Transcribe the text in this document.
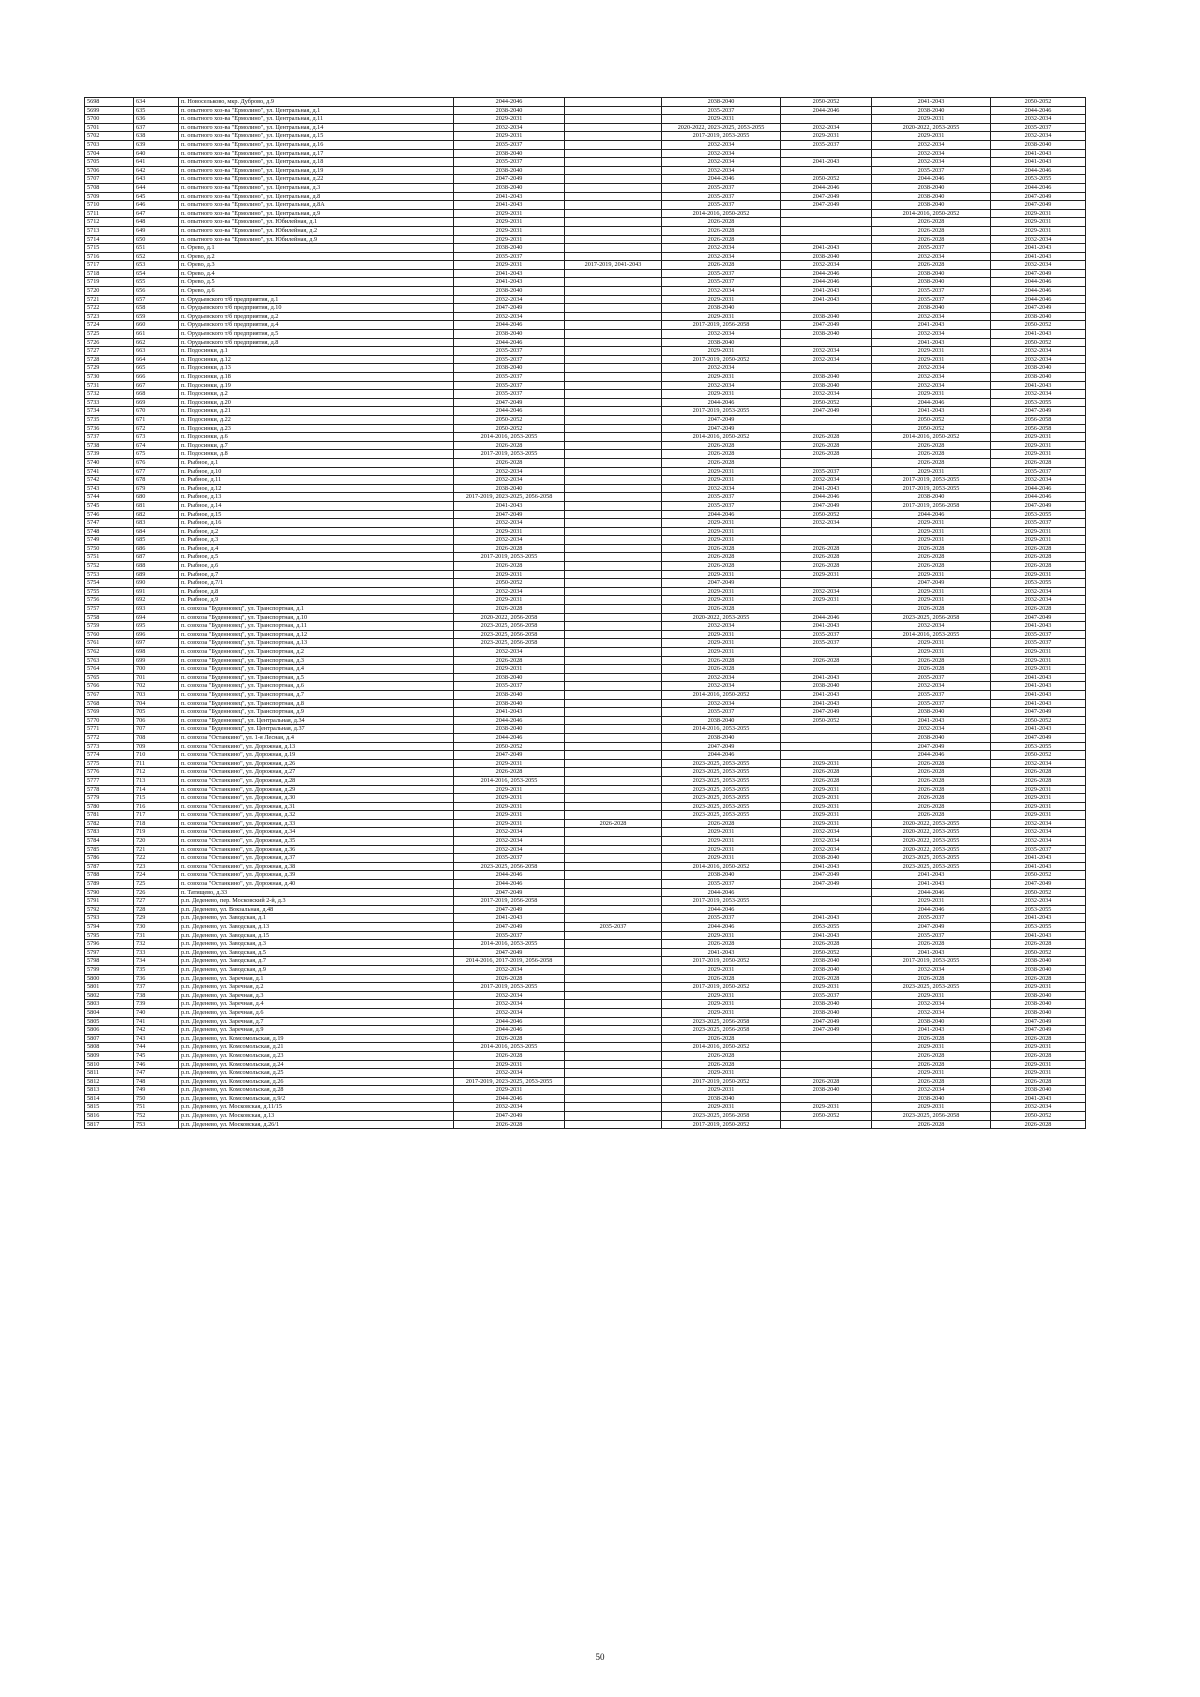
5698	634	п. Новосельково, мкр. Дуброво, д.9	2044-2046		2038-2040	2050-2052	2041-2043	2050-2052
5699	635	п. опытного хоз-ва "Ермолино", ул. Центральная, д.1	2038-2040		2035-2037	2044-2046	2038-2040	2044-2046
5700	636	п. опытного хоз-ва "Ермолино", ул. Центральная, д.11	2029-2031		2029-2031		2029-2031	2032-2034
5701	637	п. опытного хоз-ва "Ермолино", ул. Центральная, д.14	2032-2034		2020-2022, 2023-2025, 2053-2055	2032-2034	2020-2022, 2053-2055	2035-2037
5702	638	п. опытного хоз-ва "Ермолино", ул. Центральная, д.15	2029-2031		2017-2019, 2053-2055	2029-2031	2029-2031	2032-2034
5703	639	п. опытного хоз-ва "Ермолино", ул. Центральная, д.16	2035-2037		2032-2034	2035-2037	2032-2034	2038-2040
5704	640	п. опытного хоз-ва "Ермолино", ул. Центральная, д.17	2038-2040		2032-2034		2032-2034	2041-2043
5705	641	п. опытного хоз-ва "Ермолино", ул. Центральная, д.18	2035-2037		2032-2034	2041-2043	2032-2034	2041-2043
5706	642	п. опытного хоз-ва "Ермолино", ул. Центральная, д.19	2038-2040		2032-2034		2035-2037	2044-2046
5707	643	п. опытного хоз-ва "Ермолино", ул. Центральная, д.22	2047-2049		2044-2046	2050-2052	2044-2046	2053-2055
5708	644	п. опытного хоз-ва "Ермолино", ул. Центральная, д.3	2038-2040		2035-2037	2044-2046	2038-2040	2044-2046
5709	645	п. опытного хоз-ва "Ермолино", ул. Центральная, д.8	2041-2043		2035-2037	2047-2049	2038-2040	2047-2049
5710	646	п. опытного хоз-ва "Ермолино", ул. Центральная, д.8А	2041-2043		2035-2037	2047-2049	2038-2040	2047-2049
5711	647	п. опытного хоз-ва "Ермолино", ул. Центральная, д.9	2029-2031		2014-2016, 2050-2052		2014-2016, 2050-2052	2029-2031
5712	648	п. опытного хоз-ва "Ермолино", ул. Юбилейная, д.1	2029-2031		2026-2028		2026-2028	2029-2031
5713	649	п. опытного хоз-ва "Ермолино", ул. Юбилейная, д.2	2029-2031		2026-2028		2026-2028	2029-2031
5714	650	п. опытного хоз-ва "Ермолино", ул. Юбилейная, д.9	2029-2031		2026-2028		2026-2028	2032-2034
5715	651	п. Орево, д.1	2038-2040		2032-2034	2041-2043	2035-2037	2041-2043
5716	652	п. Орево, д.2	2035-2037		2032-2034	2038-2040	2032-2034	2041-2043
5717	653	п. Орево, д.3	2029-2031	2017-2019, 2041-2043	2026-2028	2032-2034	2026-2028	2032-2034
5718	654	п. Орево, д.4	2041-2043		2035-2037	2044-2046	2038-2040	2047-2049
5719	655	п. Орево, д.5	2041-2043		2035-2037	2044-2046	2038-2040	2044-2046
5720	656	п. Орево, д.6	2038-2040		2032-2034	2041-2043	2035-2037	2044-2046
5721	657	п. Орудьевского т/б предприятия, д.1	2032-2034		2029-2031	2041-2043	2035-2037	2044-2046
5722	658	п. Орудьевского т/б предприятия, д.10	2047-2049		2038-2040		2038-2040	2047-2049
5723	659	п. Орудьевского т/б предприятия, д.2	2032-2034		2029-2031	2038-2040	2032-2034	2038-2040
5724	660	п. Орудьевского т/б предприятия, д.4	2044-2046		2017-2019, 2056-2058	2047-2049	2041-2043	2050-2052
5725	661	п. Орудьевского т/б предприятия, д.5	2038-2040		2032-2034	2038-2040	2032-2034	2041-2043
5726	662	п. Орудьевского т/б предприятия, д.8	2044-2046		2038-2040		2041-2043	2050-2052
5727	663	п. Подосинки, д.1	2035-2037		2029-2031	2032-2034	2029-2031	2032-2034
5728	664	п. Подосинки, д.12	2035-2037		2017-2019, 2050-2052	2032-2034	2029-2031	2032-2034
5729	665	п. Подосинки, д.13	2038-2040		2032-2034		2032-2034	2038-2040
5730	666	п. Подосинки, д.18	2035-2037		2029-2031	2038-2040	2032-2034	2038-2040
5731	667	п. Подосинки, д.19	2035-2037		2032-2034	2038-2040	2032-2034	2041-2043
5732	668	п. Подосинки, д.2	2035-2037		2029-2031	2032-2034	2029-2031	2032-2034
5733	669	п. Подосинки, д.20	2047-2049		2044-2046	2050-2052	2044-2046	2053-2055
5734	670	п. Подосинки, д.21	2044-2046		2017-2019, 2053-2055	2047-2049	2041-2043	2047-2049
5735	671	п. Подосинки, д.22	2050-2052		2047-2049		2050-2052	2056-2058
5736	672	п. Подосинки, д.23	2050-2052		2047-2049		2050-2052	2056-2058
5737	673	п. Подосинки, д.6	2014-2016, 2053-2055		2014-2016, 2050-2052	2026-2028	2014-2016, 2050-2052	2029-2031
5738	674	п. Подосинки, д.7	2026-2028		2026-2028	2026-2028	2026-2028	2029-2031
5739	675	п. Подосинки, д.8	2017-2019, 2053-2055		2026-2028	2026-2028	2026-2028	2029-2031
5740	676	п. Рыбное, д.1	2026-2028		2026-2028		2026-2028	2026-2028
5741	677	п. Рыбное, д.10	2032-2034		2029-2031	2035-2037	2029-2031	2035-2037
5742	678	п. Рыбное, д.11	2032-2034		2029-2031	2032-2034	2017-2019, 2053-2055	2032-2034
5743	679	п. Рыбное, д.12	2038-2040		2032-2034	2041-2043	2017-2019, 2053-2055	2044-2046
5744	680	п. Рыбное, д.13	2017-2019, 2023-2025, 2056-2058		2035-2037	2044-2046	2038-2040	2044-2046
5745	681	п. Рыбное, д.14	2041-2043		2035-2037	2047-2049	2017-2019, 2056-2058	2047-2049
5746	682	п. Рыбное, д.15	2047-2049		2044-2046	2050-2052	2044-2046	2053-2055
5747	683	п. Рыбное, д.16	2032-2034		2029-2031	2032-2034	2029-2031	2035-2037
5748	684	п. Рыбное, д.2	2029-2031		2029-2031		2029-2031	2029-2031
5749	685	п. Рыбное, д.3	2032-2034		2029-2031		2029-2031	2029-2031
5750	686	п. Рыбное, д.4	2026-2028		2026-2028	2026-2028	2026-2028	2026-2028
5751	687	п. Рыбное, д.5	2017-2019, 2053-2055		2026-2028	2026-2028	2026-2028	2026-2028
5752	688	п. Рыбное, д.6	2026-2028		2026-2028	2026-2028	2026-2028	2026-2028
5753	689	п. Рыбное, д.7	2029-2031		2029-2031	2029-2031	2029-2031	2029-2031
5754	690	п. Рыбное, д.7/1	2050-2052		2047-2049		2047-2049	2053-2055
5755	691	п. Рыбное, д.8	2032-2034		2029-2031	2032-2034	2029-2031	2032-2034
5756	692	п. Рыбное, д.9	2029-2031		2029-2031	2029-2031	2029-2031	2032-2034
5757	693	п. совхоза "Буденновец", ул. Транспортная, д.1	2026-2028		2026-2028		2026-2028	2026-2028
5758	694	п. совхоза "Буденновец", ул. Транспортная, д.10	2020-2022, 2056-2058		2020-2022, 2053-2055	2044-2046	2023-2025, 2056-2058	2047-2049
5759	695	п. совхоза "Буденновец", ул. Транспортная, д.11	2023-2025, 2056-2058		2032-2034	2041-2043	2032-2034	2041-2043
5760	696	п. совхоза "Буденновец", ул. Транспортная, д.12	2023-2025, 2056-2058		2029-2031	2035-2037	2014-2016, 2053-2055	2035-2037
5761	697	п. совхоза "Буденновец", ул. Транспортная, д.13	2023-2025, 2056-2058		2029-2031	2035-2037	2029-2031	2035-2037
5762	698	п. совхоза "Буденновец", ул. Транспортная, д.2	2032-2034		2029-2031		2029-2031	2029-2031
5763	699	п. совхоза "Буденновец", ул. Транспортная, д.3	2026-2028		2026-2028	2026-2028	2026-2028	2029-2031
5764	700	п. совхоза "Буденновец", ул. Транспортная, д.4	2029-2031		2026-2028		2026-2028	2029-2031
5765	701	п. совхоза "Буденновец", ул. Транспортная, д.5	2038-2040		2032-2034	2041-2043	2035-2037	2041-2043
5766	702	п. совхоза "Буденновец", ул. Транспортная, д.6	2035-2037		2032-2034	2038-2040	2032-2034	2041-2043
5767	703	п. совхоза "Буденновец", ул. Транспортная, д.7	2038-2040		2014-2016, 2050-2052	2041-2043	2035-2037	2041-2043
5768	704	п. совхоза "Буденновец", ул. Транспортная, д.8	2038-2040		2032-2034	2041-2043	2035-2037	2041-2043
5769	705	п. совхоза "Буденновец", ул. Транспортная, д.9	2041-2043		2035-2037	2047-2049	2038-2040	2047-2049
5770	706	п. совхоза "Буденновец", ул. Центральная, д.34	2044-2046		2038-2040	2050-2052	2041-2043	2050-2052
5771	707	п. совхоза "Буденновец", ул. Центральная, д.37	2038-2040		2014-2016, 2053-2055		2032-2034	2041-2043
5772	708	п. совхоза "Останкино", ул. 1-я Лесная, д.4	2044-2046		2038-2040		2038-2040	2047-2049
5773	709	п. совхоза "Останкино", ул. Дорожная, д.13	2050-2052		2047-2049		2047-2049	2053-2055
5774	710	п. совхоза "Останкино", ул. Дорожная, д.19	2047-2049		2044-2046		2044-2046	2050-2052
5775	711	п. совхоза "Останкино", ул. Дорожная, д.26	2029-2031		2023-2025, 2053-2055	2029-2031	2026-2028	2032-2034
5776	712	п. совхоза "Останкино", ул. Дорожная, д.27	2026-2028		2023-2025, 2053-2055	2026-2028	2026-2028	2026-2028
5777	713	п. совхоза "Останкино", ул. Дорожная, д.28	2014-2016, 2053-2055		2023-2025, 2053-2055	2026-2028	2026-2028	2026-2028
5778	714	п. совхоза "Останкино", ул. Дорожная, д.29	2029-2031		2023-2025, 2053-2055	2029-2031	2026-2028	2029-2031
5779	715	п. совхоза "Останкино", ул. Дорожная, д.30	2029-2031		2023-2025, 2053-2055	2029-2031	2026-2028	2029-2031
5780	716	п. совхоза "Останкино", ул. Дорожная, д.31	2029-2031		2023-2025, 2053-2055	2029-2031	2026-2028	2029-2031
5781	717	п. совхоза "Останкино", ул. Дорожная, д.32	2029-2031		2023-2025, 2053-2055	2029-2031	2026-2028	2029-2031
5782	718	п. совхоза "Останкино", ул. Дорожная, д.33	2029-2031	2026-2028	2026-2028	2029-2031	2020-2022, 2053-2055	2032-2034
5783	719	п. совхоза "Останкино", ул. Дорожная, д.34	2032-2034		2029-2031	2032-2034	2020-2022, 2053-2055	2032-2034
5784	720	п. совхоза "Останкино", ул. Дорожная, д.35	2032-2034		2029-2031	2032-2034	2020-2022, 2053-2055	2032-2034
5785	721	п. совхоза "Останкино", ул. Дорожная, д.36	2032-2034		2029-2031	2032-2034	2020-2022, 2053-2055	2035-2037
5786	722	п. совхоза "Останкино", ул. Дорожная, д.37	2035-2037		2029-2031	2038-2040	2023-2025, 2053-2055	2041-2043
5787	723	п. совхоза "Останкино", ул. Дорожная, д.38	2023-2025, 2056-2058		2014-2016, 2050-2052	2041-2043	2023-2025, 2053-2055	2041-2043
5788	724	п. совхоза "Останкино", ул. Дорожная, д.39	2044-2046		2038-2040	2047-2049	2041-2043	2050-2052
5789	725	п. совхоза "Останкино", ул. Дорожная, д.40	2044-2046		2035-2037	2047-2049	2041-2043	2047-2049
5790	726	п. Татищево, д.33	2047-2049		2044-2046		2044-2046	2050-2052
5791	727	р.п. Деденево, пер. Московский 2-й, д.3	2017-2019, 2056-2058		2017-2019, 2053-2055		2029-2031	2032-2034
5792	728	р.п. Деденево, ул. Вокзальная, д.48	2047-2049		2044-2046		2044-2046	2053-2055
5793	729	р.п. Деденево, ул. Заводская, д.1	2041-2043		2035-2037	2041-2043	2035-2037	2041-2043
5794	730	р.п. Деденево, ул. Заводская, д.13	2047-2049	2035-2037	2044-2046	2053-2055	2047-2049	2053-2055
5795	731	р.п. Деденево, ул. Заводская, д.15	2035-2037		2029-2031	2041-2043	2035-2037	2041-2043
5796	732	р.п. Деденево, ул. Заводская, д.3	2014-2016, 2053-2055		2026-2028	2026-2028	2026-2028	2026-2028
5797	733	р.п. Деденево, ул. Заводская, д.5	2047-2049		2041-2043	2050-2052	2041-2043	2050-2052
5798	734	р.п. Деденево, ул. Заводская, д.7	2014-2016, 2017-2019, 2056-2058		2017-2019, 2050-2052	2038-2040	2017-2019, 2053-2055	2038-2040
5799	735	р.п. Деденево, ул. Заводская, д.9	2032-2034		2029-2031	2038-2040	2032-2034	2038-2040
5800	736	р.п. Деденево, ул. Заречная, д.1	2026-2028		2026-2028	2026-2028	2026-2028	2026-2028
5801	737	р.п. Деденево, ул. Заречная, д.2	2017-2019, 2053-2055		2017-2019, 2050-2052	2029-2031	2023-2025, 2053-2055	2029-2031
5802	738	р.п. Деденево, ул. Заречная, д.3	2032-2034		2029-2031	2035-2037	2029-2031	2038-2040
5803	739	р.п. Деденево, ул. Заречная, д.4	2032-2034		2029-2031	2038-2040	2032-2034	2038-2040
5804	740	р.п. Деденево, ул. Заречная, д.6	2032-2034		2029-2031	2038-2040	2032-2034	2038-2040
5805	741	р.п. Деденево, ул. Заречная, д.7	2044-2046		2023-2025, 2056-2058	2047-2049	2038-2040	2047-2049
5806	742	р.п. Деденево, ул. Заречная, д.9	2044-2046		2023-2025, 2056-2058	2047-2049	2041-2043	2047-2049
5807	743	р.п. Деденево, ул. Комсомольская, д.19	2026-2028		2026-2028		2026-2028	2026-2028
5808	744	р.п. Деденево, ул. Комсомольская, д.21	2014-2016, 2053-2055		2014-2016, 2050-2052		2029-2031	2029-2031
5809	745	р.п. Деденево, ул. Комсомольская, д.23	2026-2028		2026-2028		2026-2028	2026-2028
5810	746	р.п. Деденево, ул. Комсомольская, д.24	2029-2031		2026-2028		2026-2028	2029-2031
5811	747	р.п. Деденево, ул. Комсомольская, д.25	2032-2034		2029-2031		2029-2031	2029-2031
5812	748	р.п. Деденево, ул. Комсомольская, д.26	2017-2019, 2023-2025, 2053-2055		2017-2019, 2050-2052	2026-2028	2026-2028	2026-2028
5813	749	р.п. Деденево, ул. Комсомольская, д.28	2029-2031		2029-2031	2038-2040	2032-2034	2038-2040
5814	750	р.п. Деденево, ул. Комсомольская, д.9/2	2044-2046		2038-2040		2038-2040	2041-2043
5815	751	р.п. Деденево, ул. Московская, д.11/15	2032-2034		2029-2031	2029-2031	2029-2031	2032-2034
5816	752	р.п. Деденево, ул. Московская, д.13	2047-2049		2023-2025, 2056-2058	2050-2052	2023-2025, 2056-2058	2050-2052
5817	753	р.п. Деденево, ул. Московская, д.26/1	2026-2028		2017-2019, 2050-2052		2026-2028	2026-2028
50
